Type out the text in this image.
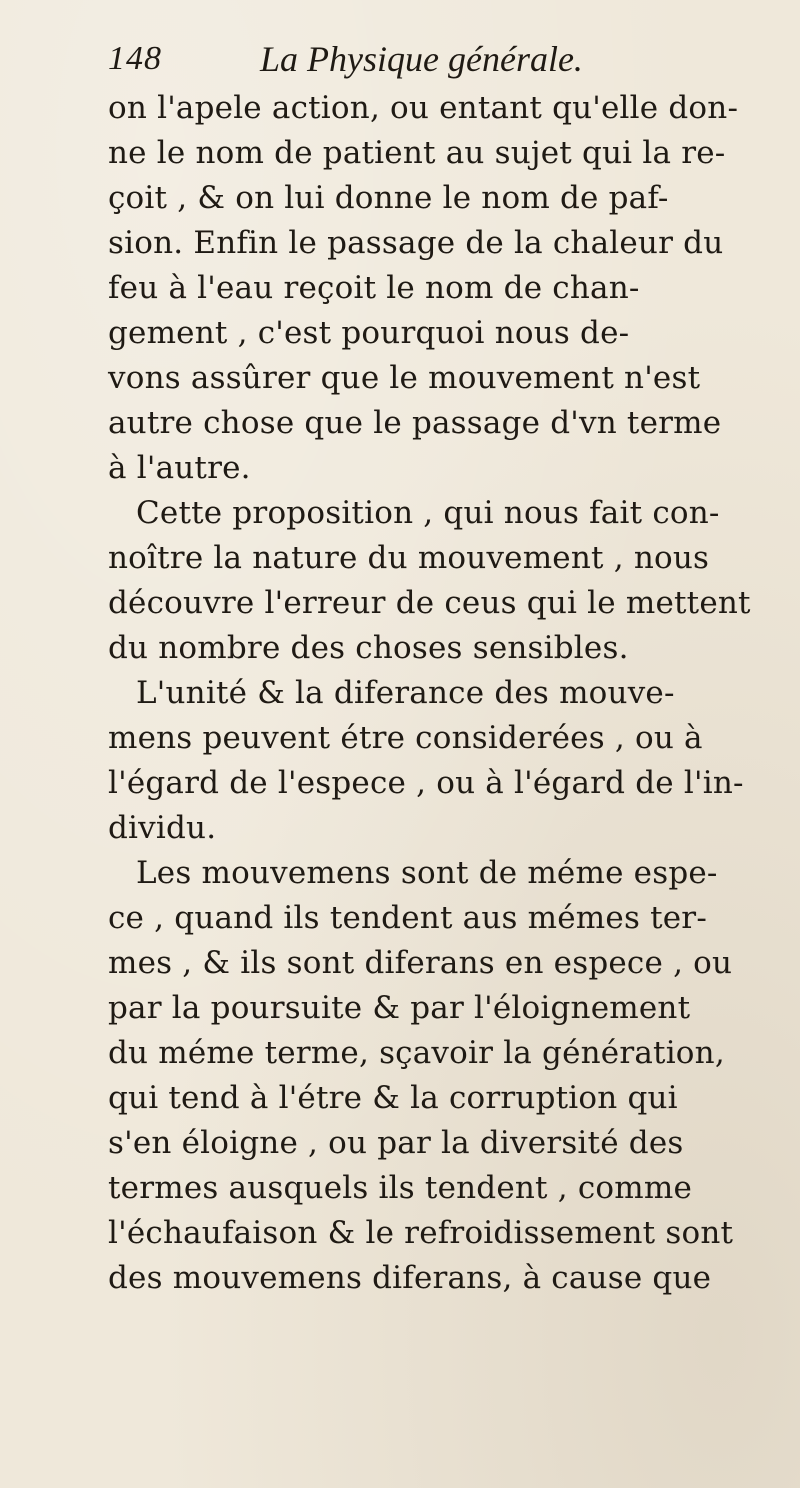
148	La Physique générale.
on l'apele action, ou entant qu'elle don-
ne le nom de patient au sujet qui la re-
çoit , & on lui donne le nom de paf-
sion. Enfin le passage de la chaleur du
feu à l'eau reçoit le nom de chan-
gement , c'est pourquoi nous de-
vons assûrer que le mouvement n'est
autre chose que le passage d'vn terme
à l'autre.
Cette proposition , qui nous fait con-
noître la nature du mouvement , nous
découvre l'erreur de ceus qui le mettent
du nombre des choses sensibles.
L'unité & la diferance des mouve-
mens peuvent étre considerées , ou à
l'égard de l'espece , ou à l'égard de l'in-
dividu.
Les mouvemens sont de méme espe-
ce , quand ils tendent aus mémes ter-
mes , & ils sont diferans en espece , ou
par la poursuite & par l'éloignement
du méme terme, sçavoir la génération,
qui tend à l'étre & la corruption qui
s'en éloigne , ou par la diversité des
termes ausquels ils tendent , comme
l'échaufaison & le refroidissement sont
des mouvemens diferans, à cause que
